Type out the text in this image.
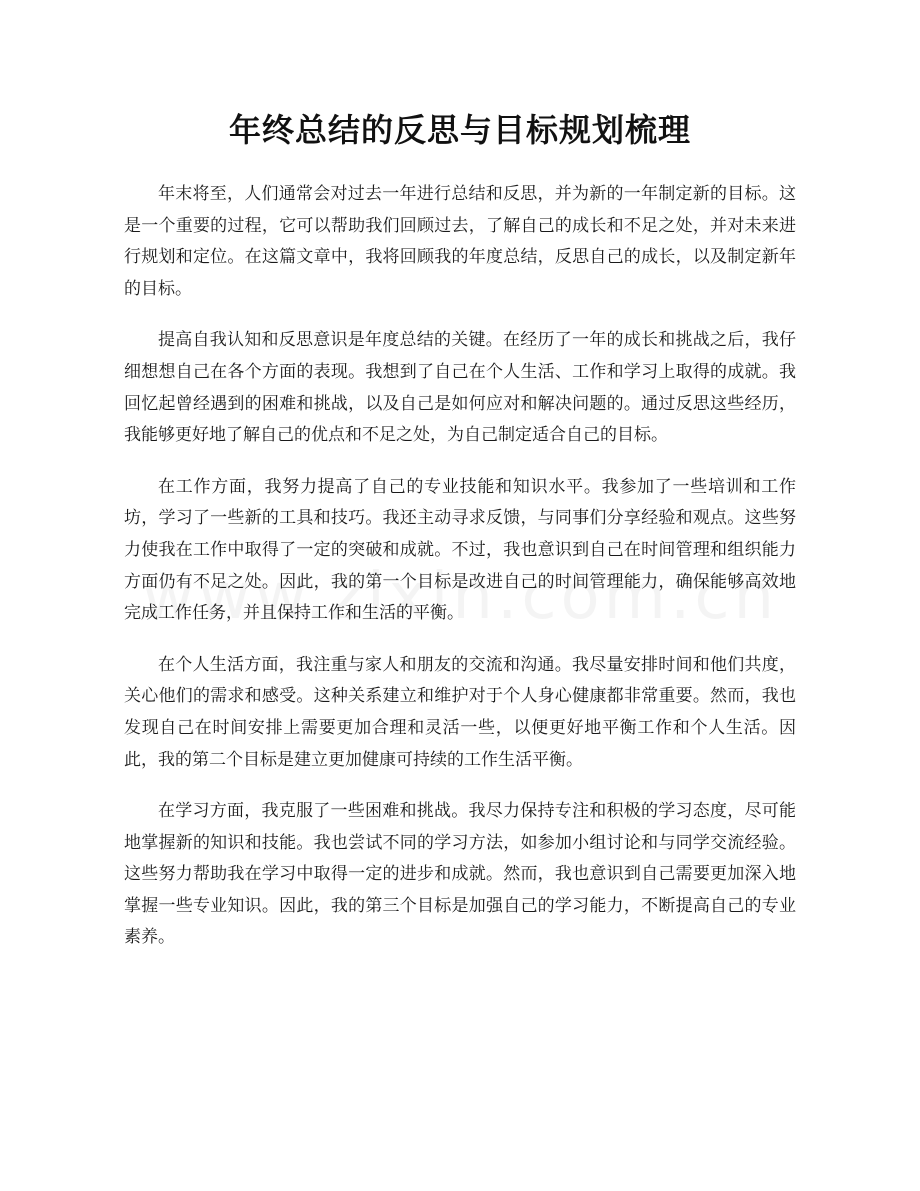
年终总结的反思与目标规划梳理

年末将至，人们通常会对过去一年进行总结和反思，并为新的一年制定新的目标。这是一个重要的过程，它可以帮助我们回顾过去，了解自己的成长和不足之处，并对未来进行规划和定位。在这篇文章中，我将回顾我的年度总结，反思自己的成长，以及制定新年的目标。

提高自我认知和反思意识是年度总结的关键。在经历了一年的成长和挑战之后，我仔细想想自己在各个方面的表现。我想到了自己在个人生活、工作和学习上取得的成就。我回忆起曾经遇到的困难和挑战，以及自己是如何应对和解决问题的。通过反思这些经历，我能够更好地了解自己的优点和不足之处，为自己制定适合自己的目标。

在工作方面，我努力提高了自己的专业技能和知识水平。我参加了一些培训和工作坊，学习了一些新的工具和技巧。我还主动寻求反馈，与同事们分享经验和观点。这些努力使我在工作中取得了一定的突破和成就。不过，我也意识到自己在时间管理和组织能力方面仍有不足之处。因此，我的第一个目标是改进自己的时间管理能力，确保能够高效地完成工作任务，并且保持工作和生活的平衡。

在个人生活方面，我注重与家人和朋友的交流和沟通。我尽量安排时间和他们共度，关心他们的需求和感受。这种关系建立和维护对于个人身心健康都非常重要。然而，我也发现自己在时间安排上需要更加合理和灵活一些，以便更好地平衡工作和个人生活。因此，我的第二个目标是建立更加健康可持续的工作生活平衡。

在学习方面，我克服了一些困难和挑战。我尽力保持专注和积极的学习态度，尽可能地掌握新的知识和技能。我也尝试不同的学习方法，如参加小组讨论和与同学交流经验。这些努力帮助我在学习中取得一定的进步和成就。然而，我也意识到自己需要更加深入地掌握一些专业知识。因此，我的第三个目标是加强自己的学习能力，不断提高自己的专业素养。
